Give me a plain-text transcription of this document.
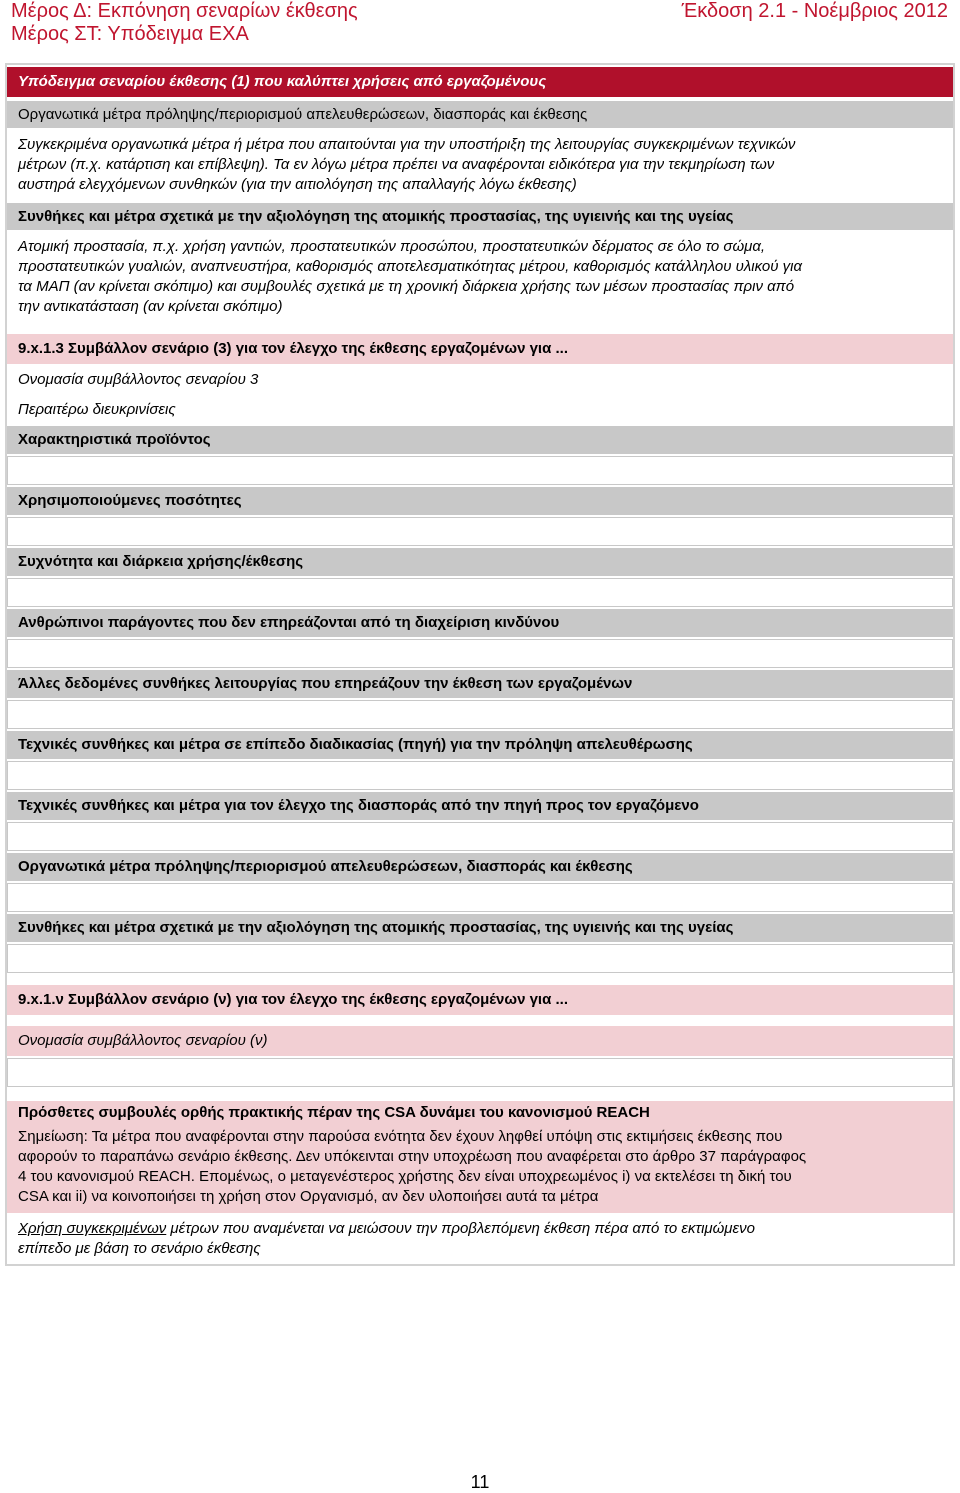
Μέρος Δ: Εκπόνηση σεναρίων έκθεσης
Μέρος ΣΤ: Υπόδειγμα ΕΧΑ
Έκδοση 2.1 - Νοέμβριος 2012
Υπόδειγμα σεναρίου έκθεσης (1) που καλύπτει χρήσεις από εργαζομένους
Οργανωτικά μέτρα πρόληψης/περιορισμού απελευθερώσεων, διασποράς και έκθεσης
Συγκεκριμένα οργανωτικά μέτρα ή μέτρα που απαιτούνται για την υποστήριξη της λειτουργίας συγκεκριμένων τεχνικών
μέτρων (π.χ. κατάρτιση και επίβλεψη). Τα εν λόγω μέτρα πρέπει να αναφέρονται ειδικότερα για την τεκμηρίωση των
αυστηρά ελεγχόμενων συνθηκών (για την αιτιολόγηση της απαλλαγής λόγω έκθεσης)
Συνθήκες και μέτρα σχετικά με την αξιολόγηση της ατομικής προστασίας, της υγιεινής και της υγείας
Ατομική προστασία, π.χ. χρήση γαντιών, προστατευτικών προσώπου, προστατευτικών δέρματος σε όλο το σώμα,
προστατευτικών γυαλιών, αναπνευστήρα, καθορισμός αποτελεσματικότητας μέτρου, καθορισμός κατάλληλου υλικού για
τα ΜΑΠ (αν κρίνεται σκόπιμο) και συμβουλές σχετικά με τη χρονική διάρκεια χρήσης των μέσων προστασίας πριν από
την αντικατάσταση (αν κρίνεται σκόπιμο)
9.x.1.3 Συμβάλλον σενάριο (3) για τον έλεγχο της έκθεσης εργαζομένων για ...
Ονομασία συμβάλλοντος σεναρίου 3
Περαιτέρω διευκρινίσεις
Χαρακτηριστικά προϊόντος
Χρησιμοποιούμενες ποσότητες
Συχνότητα και διάρκεια χρήσης/έκθεσης
Ανθρώπινοι παράγοντες που δεν επηρεάζονται από τη διαχείριση κινδύνου
Άλλες δεδομένες συνθήκες λειτουργίας που επηρεάζουν την έκθεση των εργαζομένων
Τεχνικές συνθήκες και μέτρα σε επίπεδο διαδικασίας (πηγή) για την πρόληψη απελευθέρωσης
Τεχνικές συνθήκες και μέτρα για τον έλεγχο της διασποράς από την πηγή προς τον εργαζόμενο
Οργανωτικά μέτρα πρόληψης/περιορισμού απελευθερώσεων, διασποράς και έκθεσης
Συνθήκες και μέτρα σχετικά με την αξιολόγηση της ατομικής προστασίας, της υγιεινής και της υγείας
9.x.1.ν Συμβάλλον σενάριο (ν) για τον έλεγχο της έκθεσης εργαζομένων για ...
Ονομασία συμβάλλοντος σεναρίου (ν)
Πρόσθετες συμβουλές ορθής πρακτικής πέραν της CSA δυνάμει του κανονισμού REACH
Σημείωση: Τα μέτρα που αναφέρονται στην παρούσα ενότητα δεν έχουν ληφθεί υπόψη στις εκτιμήσεις έκθεσης που
αφορούν το παραπάνω σενάριο έκθεσης. Δεν υπόκεινται στην υποχρέωση που αναφέρεται στο άρθρο 37 παράγραφος
4 του κανονισμού REACH. Επομένως, ο μεταγενέστερος χρήστης δεν είναι υποχρεωμένος i) να εκτελέσει τη δική του
CSA και ii) να κοινοποιήσει τη χρήση στον Οργανισμό, αν δεν υλοποιήσει αυτά τα μέτρα
Χρήση συγκεκριμένων μέτρων που αναμένεται να μειώσουν την προβλεπόμενη έκθεση πέρα από το εκτιμώμενο
επίπεδο με βάση το σενάριο έκθεσης
11
